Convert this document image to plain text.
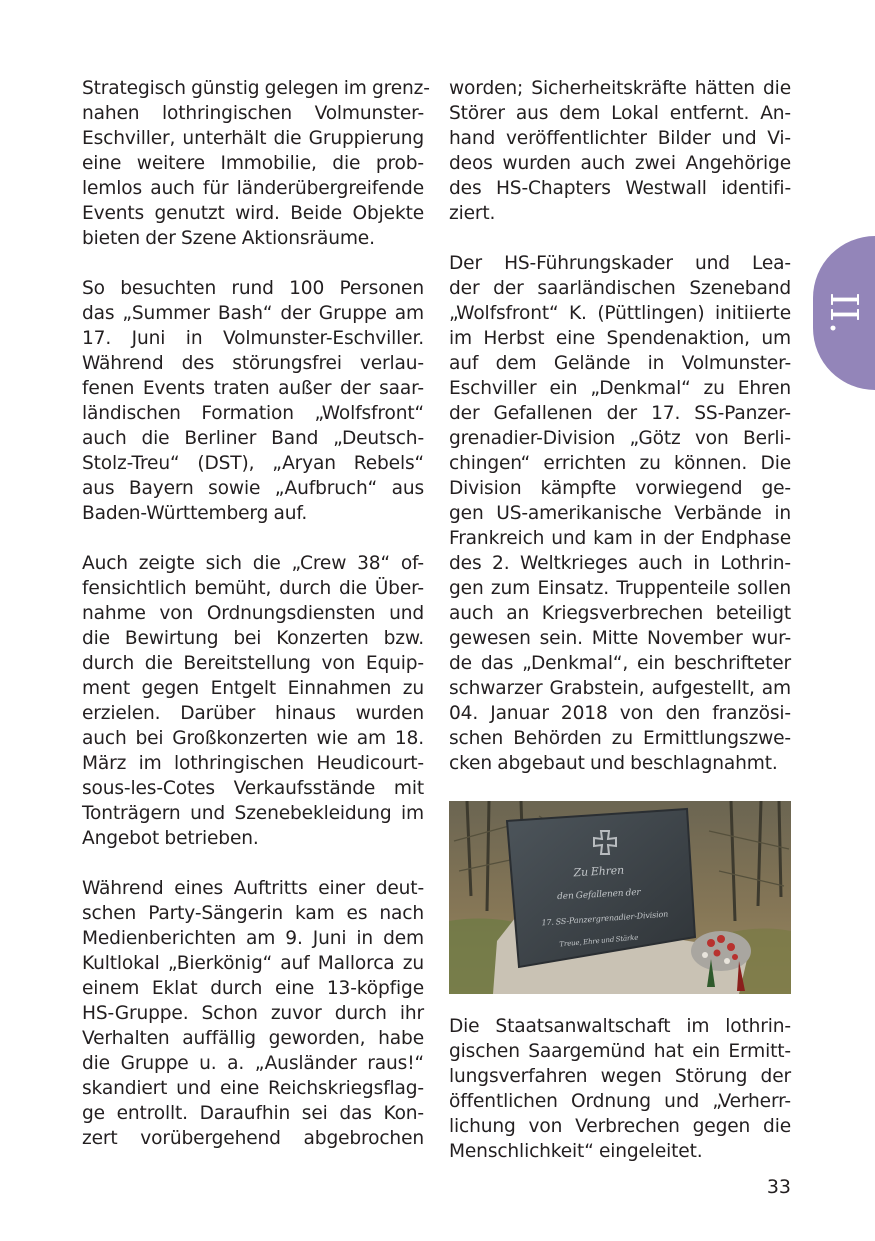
Strategisch günstig gelegen im grenz-
nahen lothringischen Volmunster-
Eschviller, unterhält die Gruppierung
eine weitere Immobilie, die prob-
lemlos auch für länderübergreifende
Events genutzt wird. Beide Objekte
bieten der Szene Aktionsräume.

So besuchten rund 100 Personen
das „Summer Bash“ der Gruppe am
17. Juni in Volmunster-Eschviller.
Während des störungsfrei verlau-
fenen Events traten außer der saar-
ländischen Formation „Wolfsfront“
auch die Berliner Band „Deutsch-
Stolz-Treu“ (DST), „Aryan Rebels“
aus Bayern sowie „Aufbruch“ aus
Baden-Württemberg auf.

Auch zeigte sich die „Crew 38“ of-
fensichtlich bemüht, durch die Über-
nahme von Ordnungsdiensten und
die Bewirtung bei Konzerten bzw.
durch die Bereitstellung von Equip-
ment gegen Entgelt Einnahmen zu
erzielen. Darüber hinaus wurden
auch bei Großkonzerten wie am 18.
März im lothringischen Heudicourt-
sous-les-Cotes Verkaufsstände mit
Tonträgern und Szenebekleidung im
Angebot betrieben.

Während eines Auftritts einer deut-
schen Party-Sängerin kam es nach
Medienberichten am 9. Juni in dem
Kultlokal „Bierkönig“ auf Mallorca zu
einem Eklat durch eine 13-köpfige
HS-Gruppe. Schon zuvor durch ihr
Verhalten auffällig geworden, habe
die Gruppe u. a. „Ausländer raus!“
skandiert und eine Reichskriegsflag-
ge entrollt. Daraufhin sei das Kon-
zert vorübergehend abgebrochen

worden; Sicherheitskräfte hätten die
Störer aus dem Lokal entfernt. An-
hand veröffentlichter Bilder und Vi-
deos wurden auch zwei Angehörige
des HS-Chapters Westwall identifi-
ziert.

Der HS-Führungskader und Lea-
der der saarländischen Szeneband
„Wolfsfront“ K. (Püttlingen) initiierte
im Herbst eine Spendenaktion, um
auf dem Gelände in Volmunster-
Eschviller ein „Denkmal“ zu Ehren
der Gefallenen der 17. SS-Panzer-
grenadier-Division „Götz von Berli-
chingen“ errichten zu können. Die
Division kämpfte vorwiegend ge-
gen US-amerikanische Verbände in
Frankreich und kam in der Endphase
des 2. Weltkrieges auch in Lothrin-
gen zum Einsatz. Truppenteile sollen
auch an Kriegsverbrechen beteiligt
gewesen sein. Mitte November wur-
de das „Denkmal“, ein beschrifteter
schwarzer Grabstein, aufgestellt, am
04. Januar 2018 von den französi-
schen Behörden zu Ermittlungszwe-
cken abgebaut und beschlagnahmt.

Zu Ehren
den Gefallenen der
17. SS-Panzergrenadier-Division
Treue, Ehre und Stärke

Die Staatsanwaltschaft im lothrin-
gischen Saargemünd hat ein Ermitt-
lungsverfahren wegen Störung der
öffentlichen Ordnung und „Verherr-
lichung von Verbrechen gegen die
Menschlichkeit“ eingeleitet.

II.
33
